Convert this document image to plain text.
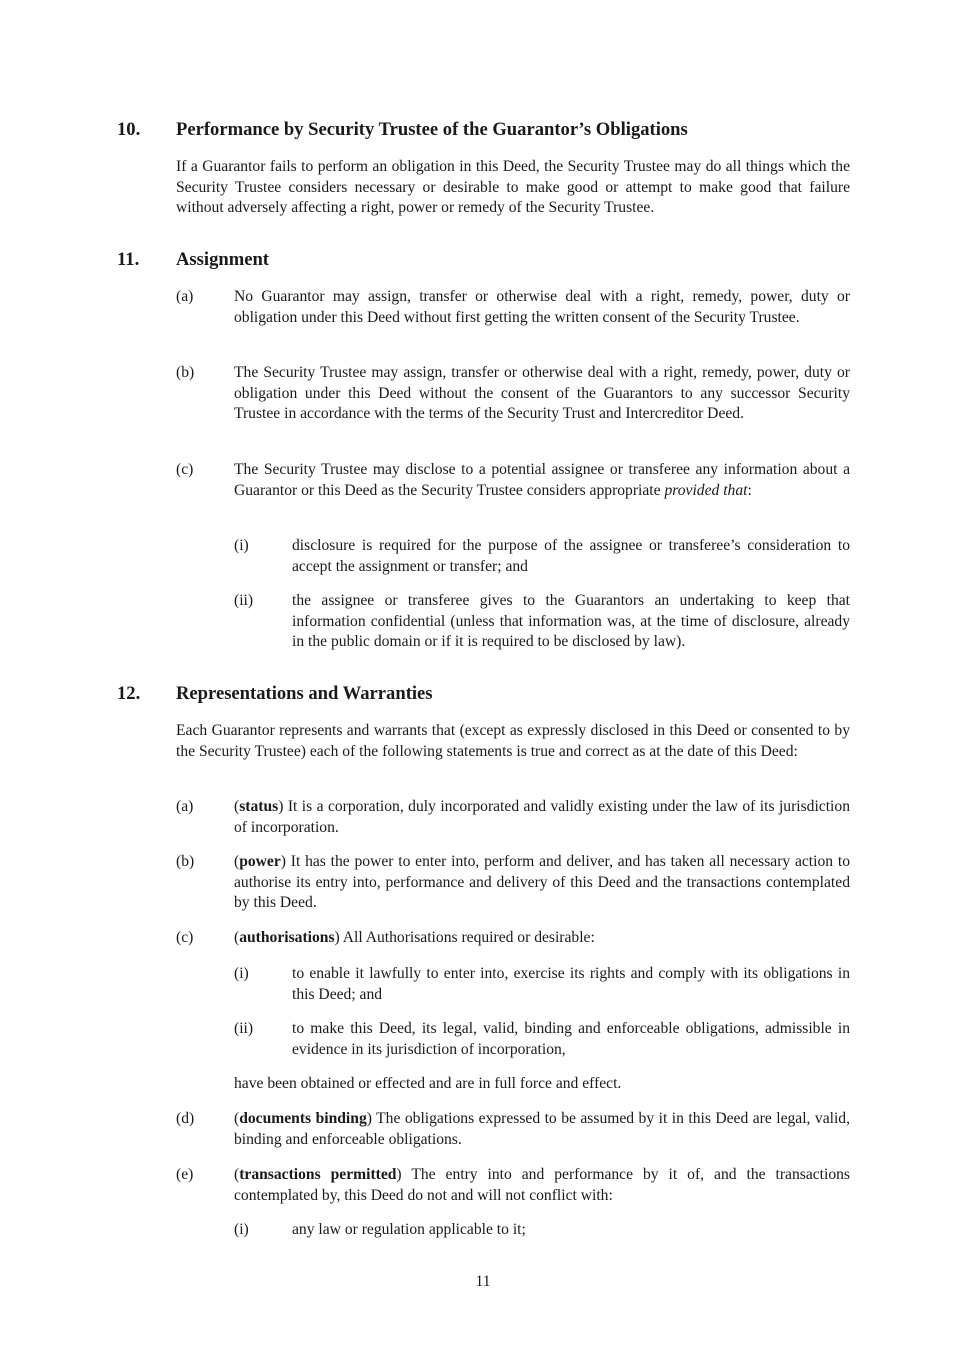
10. Performance by Security Trustee of the Guarantor’s Obligations
If a Guarantor fails to perform an obligation in this Deed, the Security Trustee may do all things which the Security Trustee considers necessary or desirable to make good or attempt to make good that failure without adversely affecting a right, power or remedy of the Security Trustee.
11. Assignment
(a)	No Guarantor may assign, transfer or otherwise deal with a right, remedy, power, duty or obligation under this Deed without first getting the written consent of the Security Trustee.
(b)	The Security Trustee may assign, transfer or otherwise deal with a right, remedy, power, duty or obligation under this Deed without the consent of the Guarantors to any successor Security Trustee in accordance with the terms of the Security Trust and Intercreditor Deed.
(c)	The Security Trustee may disclose to a potential assignee or transferee any information about a Guarantor or this Deed as the Security Trustee considers appropriate provided that:
(i)	disclosure is required for the purpose of the assignee or transferee’s consideration to accept the assignment or transfer; and
(ii) the assignee or transferee gives to the Guarantors an undertaking to keep that information confidential (unless that information was, at the time of disclosure, already in the public domain or if it is required to be disclosed by law).
12. Representations and Warranties
Each Guarantor represents and warrants that (except as expressly disclosed in this Deed or consented to by the Security Trustee) each of the following statements is true and correct as at the date of this Deed:
(a)	(status) It is a corporation, duly incorporated and validly existing under the law of its jurisdiction of incorporation.
(b)	(power) It has the power to enter into, perform and deliver, and has taken all necessary action to authorise its entry into, performance and delivery of this Deed and the transactions contemplated by this Deed.
(c)	(authorisations) All Authorisations required or desirable:
(i)	to enable it lawfully to enter into, exercise its rights and comply with its obligations in this Deed; and
(ii) to make this Deed, its legal, valid, binding and enforceable obligations, admissible in evidence in its jurisdiction of incorporation,
have been obtained or effected and are in full force and effect.
(d)	(documents binding) The obligations expressed to be assumed by it in this Deed are legal, valid, binding and enforceable obligations.
(e)	(transactions permitted) The entry into and performance by it of, and the transactions contemplated by, this Deed do not and will not conflict with:
(i)	any law or regulation applicable to it;
11
